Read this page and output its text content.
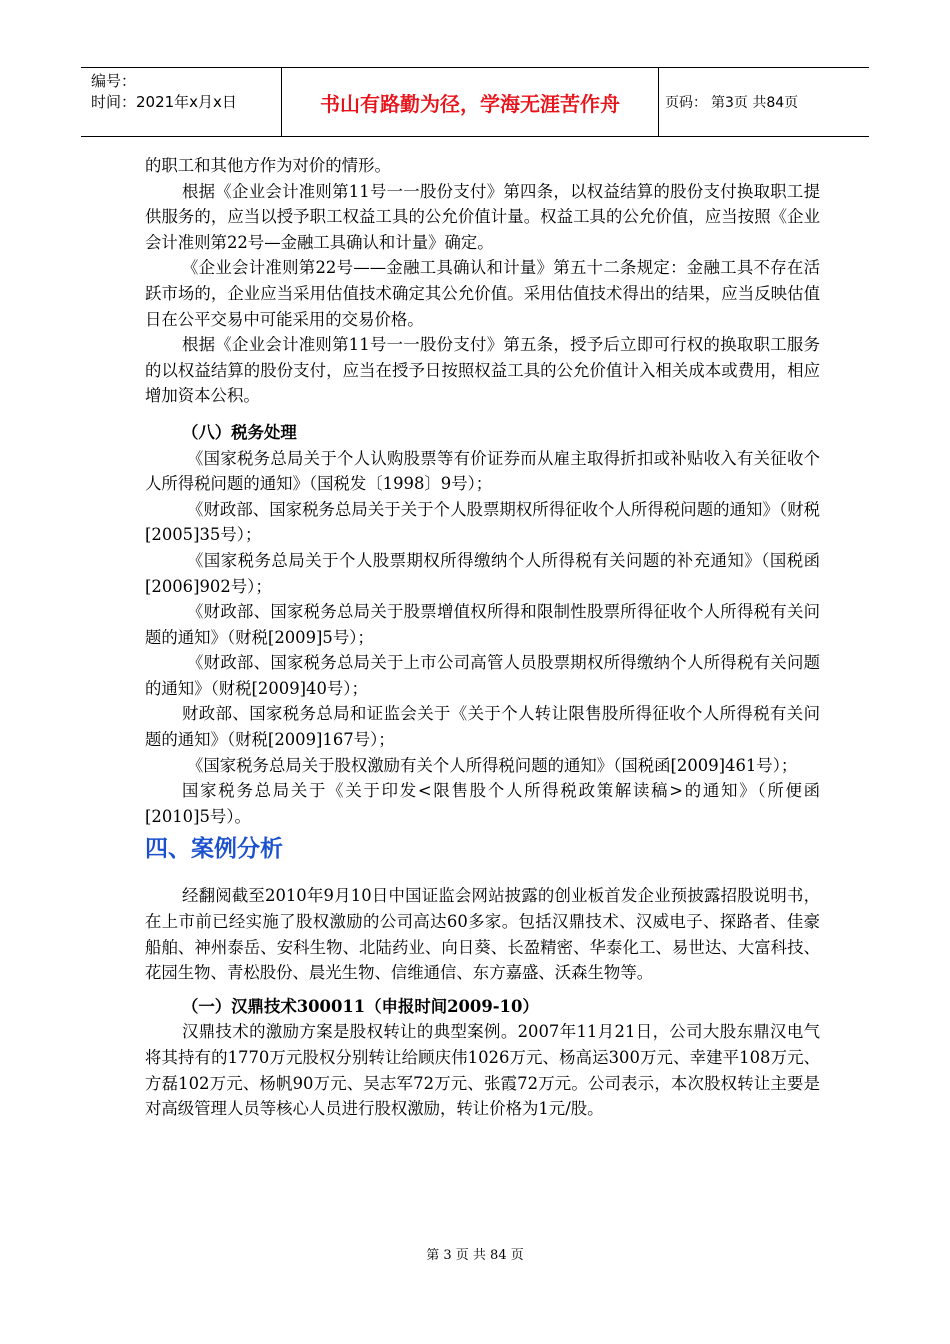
编号：
时间：2021年x月x日	书山有路勤为径，学海无涯苦作舟	页码： 第3页 共84页

的职工和其他方作为对价的情形。

根据《企业会计准则第11号一一股份支付》第四条，以权益结算的股份支付换取职工提供服务的，应当以授予职工权益工具的公允价值计量。权益工具的公允价值，应当按照《企业会计准则第22号—金融工具确认和计量》确定。

《企业会计准则第22号——金融工具确认和计量》第五十二条规定：金融工具不存在活跃市场的，企业应当采用估值技术确定其公允价值。采用估值技术得出的结果，应当反映估值日在公平交易中可能采用的交易价格。

根据《企业会计准则第11号一一股份支付》第五条，授予后立即可行权的换取职工服务的以权益结算的股份支付，应当在授予日按照权益工具的公允价值计入相关成本或费用，相应增加资本公积。

（八）税务处理

《国家税务总局关于个人认购股票等有价证券而从雇主取得折扣或补贴收入有关征收个人所得税问题的通知》（国税发〔1998〕9号）；

《财政部、国家税务总局关于关于个人股票期权所得征收个人所得税问题的通知》（财税[2005]35号）；

《国家税务总局关于个人股票期权所得缴纳个人所得税有关问题的补充通知》（国税函[2006]902号）；

《财政部、国家税务总局关于股票增值权所得和限制性股票所得征收个人所得税有关问题的通知》（财税[2009]5号）；

《财政部、国家税务总局关于上市公司高管人员股票期权所得缴纳个人所得税有关问题的通知》（财税[2009]40号）；

财政部、国家税务总局和证监会关于《关于个人转让限售股所得征收个人所得税有关问题的通知》（财税[2009]167号）；

《国家税务总局关于股权激励有关个人所得税问题的通知》（国税函[2009]461号）；

国家税务总局关于《关于印发<限售股个人所得税政策解读稿>的通知》（所便函[2010]5号）。

四、案例分析

经翻阅截至2010年9月10日中国证监会网站披露的创业板首发企业预披露招股说明书，在上市前已经实施了股权激励的公司高达60多家。包括汉鼎技术、汉威电子、探路者、佳豪船舶、神州泰岳、安科生物、北陆药业、向日葵、长盈精密、华泰化工、易世达、大富科技、花园生物、青松股份、晨光生物、信维通信、东方嘉盛、沃森生物等。

（一）汉鼎技术300011（申报时间2009-10）

汉鼎技术的激励方案是股权转让的典型案例。2007年11月21日，公司大股东鼎汉电气将其持有的1770万元股权分别转让给顾庆伟1026万元、杨高运300万元、幸建平108万元、方磊102万元、杨帆90万元、吴志军72万元、张霞72万元。公司表示，本次股权转让主要是对高级管理人员等核心人员进行股权激励，转让价格为1元/股。

第 3 页 共 84 页
